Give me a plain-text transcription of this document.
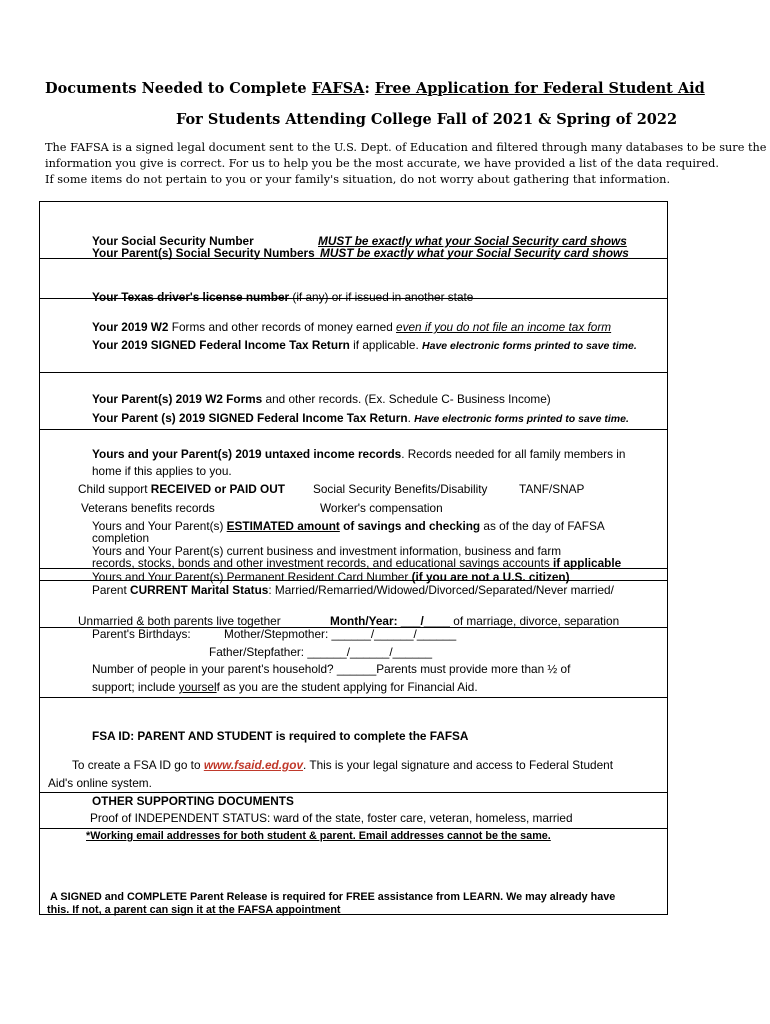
Documents Needed to Complete FAFSA: Free Application for Federal Student Aid
For Students Attending College Fall of 2021 & Spring of 2022
The FAFSA is a signed legal document sent to the U.S. Dept. of Education and filtered through many databases to be sure the
information you give is correct. For us to help you be the most accurate, we have provided a list of the data required.
If some items do not pertain to you or your family's situation, do not worry about gathering that information.
Your Social Security Number	MUST be exactly what your Social Security card shows
Your Parent(s) Social Security Numbers MUST be exactly what your Social Security card shows
Your Texas driver's license number (if any) or if issued in another state
Your 2019 W2 Forms and other records of money earned even if you do not file an income tax form
Your 2019 SIGNED Federal Income Tax Return if applicable. Have electronic forms printed to save time.
Your Parent(s) 2019 W2 Forms and other records. (Ex. Schedule C- Business Income)
Your Parent (s) 2019 SIGNED Federal Income Tax Return. Have electronic forms printed to save time.
Yours and your Parent(s) 2019 untaxed income records. Records needed for all family members in
home if this applies to you.
Child support RECEIVED or PAID OUT Social Security Benefits/Disability	TANF/SNAP
Veterans benefits records	Worker's compensation
Yours and Your Parent(s) ESTIMATED amount of savings and checking as of the day of FAFSA
completion
Yours and Your Parent(s) current business and investment information, business and farm
records, stocks, bonds and other investment records, and educational savings accounts if applicable
Yours and Your Parent(s) Permanent Resident Card Number (if you are not a U.S. citizen)
Parent CURRENT Marital Status: Married/Remarried/Widowed/Divorced/Separated/Never married/
Unmarried & both parents live together	Month/Year: ___/____ of marriage, divorce, separation
Parent's Birthdays:	Mother/Stepmother: ______/______/______
Father/Stepfather: ______/______/______
Number of people in your parent's household? ______Parents must provide more than ½ of
support; include yourself as you are the student applying for Financial Aid.
FSA ID: PARENT AND STUDENT is required to complete the FAFSA
To create a FSA ID go to www.fsaid.ed.gov. This is your legal signature and access to Federal Student
Aid's online system.
OTHER SUPPORTING DOCUMENTS
Proof of INDEPENDENT STATUS: ward of the state, foster care, veteran, homeless, married
*Working email addresses for both student & parent. Email addresses cannot be the same.
A SIGNED and COMPLETE Parent Release is required for FREE assistance from LEARN. We may already have
this. If not, a parent can sign it at the FAFSA appointment
